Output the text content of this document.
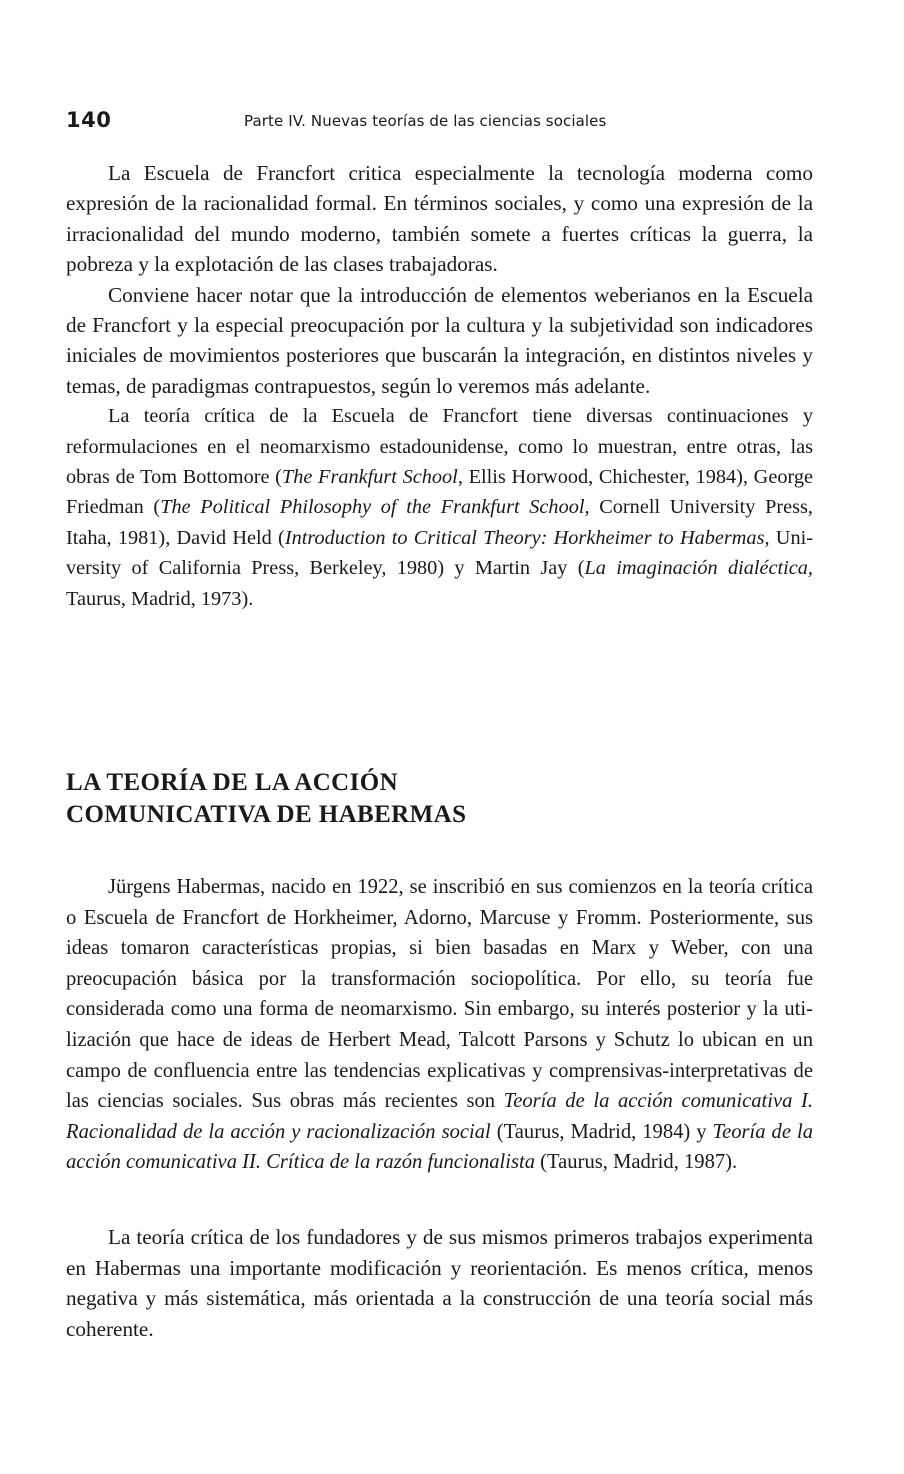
140	Parte IV. Nuevas teorías de las ciencias sociales

La Escuela de Francfort critica especialmente la tecnología moderna como expresión de la racionalidad formal. En términos sociales, y como una expresión de la irracionalidad del mundo moderno, también somete a fuertes críticas la guerra, la pobreza y la explotación de las clases trabajadoras.

Conviene hacer notar que la introducción de elementos weberianos en la Escuela de Francfort y la especial preocupación por la cultura y la subjetividad son indicadores iniciales de movimientos posteriores que buscarán la integración, en distintos niveles y temas, de paradigmas contrapuestos, según lo veremos más adelante.

La teoría crítica de la Escuela de Francfort tiene diversas continuaciones y reformulaciones en el neomarxismo estadounidense, como lo muestran, entre otras, las obras de Tom Bottomore (The Frankfurt School, Ellis Horwood, Chichester, 1984), George Friedman (The Political Philosophy of the Frankfurt School, Cornell University Press, Itaha, 1981), David Held (Introduction to Critical Theory: Horkheimer to Habermas, University of California Press, Berkeley, 1980) y Martin Jay (La imaginación dialéctica, Taurus, Madrid, 1973).

LA TEORÍA DE LA ACCIÓN
COMUNICATIVA DE HABERMAS

Jürgens Habermas, nacido en 1922, se inscribió en sus comienzos en la teoría crítica o Escuela de Francfort de Horkheimer, Adorno, Marcuse y Fromm. Posteriormente, sus ideas tomaron características propias, si bien basadas en Marx y Weber, con una preocupación básica por la transformación sociopolítica. Por ello, su teoría fue considerada como una forma de neomarxismo. Sin embargo, su interés posterior y la utilización que hace de ideas de Herbert Mead, Talcott Parsons y Schutz lo ubican en un campo de confluencia entre las tendencias explicativas y comprensivas-interpretativas de las ciencias sociales. Sus obras más recientes son Teoría de la acción comunicativa I. Racionalidad de la acción y racionalización social (Taurus, Madrid, 1984) y Teoría de la acción comunicativa II. Crítica de la razón funcionalista (Taurus, Madrid, 1987).

La teoría crítica de los fundadores y de sus mismos primeros trabajos experimenta en Habermas una importante modificación y reorientación. Es menos crítica, menos negativa y más sistemática, más orientada a la construcción de una teoría social más coherente.
